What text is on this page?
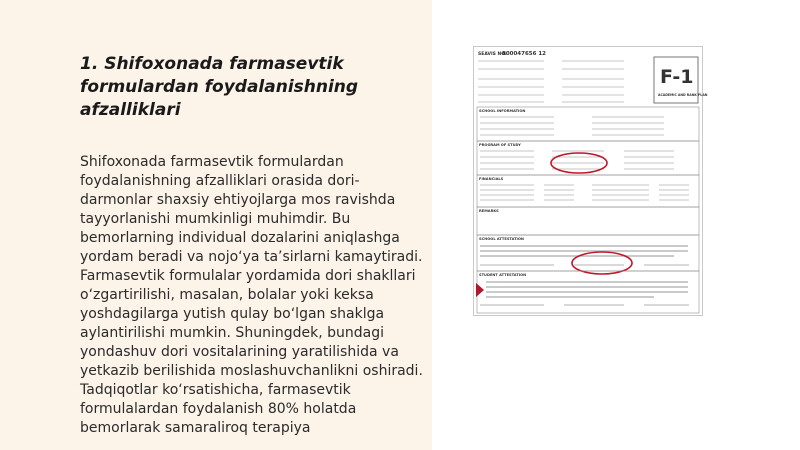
1. Shifoxonada farmasevtik formulardan foydalanishning afzalliklari

Shifoxonada farmasevtik formulardan foydalanishning afzalliklari orasida dori-darmonlar shaxsiy ehtiyojlarga mos ravishda tayyorlanishi mumkinligi muhimdir. Bu bemorlarning individual dozalarini aniqlashga yordam beradi va nojo‘ya ta’sirlarni kamaytiradi. Farmasevtik formulalar yordamida dori shakllari o‘zgartirilishi, masalan, bolalar yoki keksa yoshdagilarga yutish qulay bo‘lgan shaklga aylantirilishi mumkin. Shuningdek, bundagi yondashuv dori vositalarining yaratilishida va yetkazib berilishida moslashuvchanlikni oshiradi. Tadqiqotlar ko‘rsatishicha, farmasevtik formulalardan foydalanish 80% holatda bemorlarak samaraliroq terapiya

SEAVIS NO:
800047656 12
F-1
ACADEMIC AND RANK PLAN
SCHOOL INFORMATION
PROGRAM OF STUDY
FINANCIALS
REMARKS
SCHOOL ATTESTATION
STUDENT ATTESTATION
